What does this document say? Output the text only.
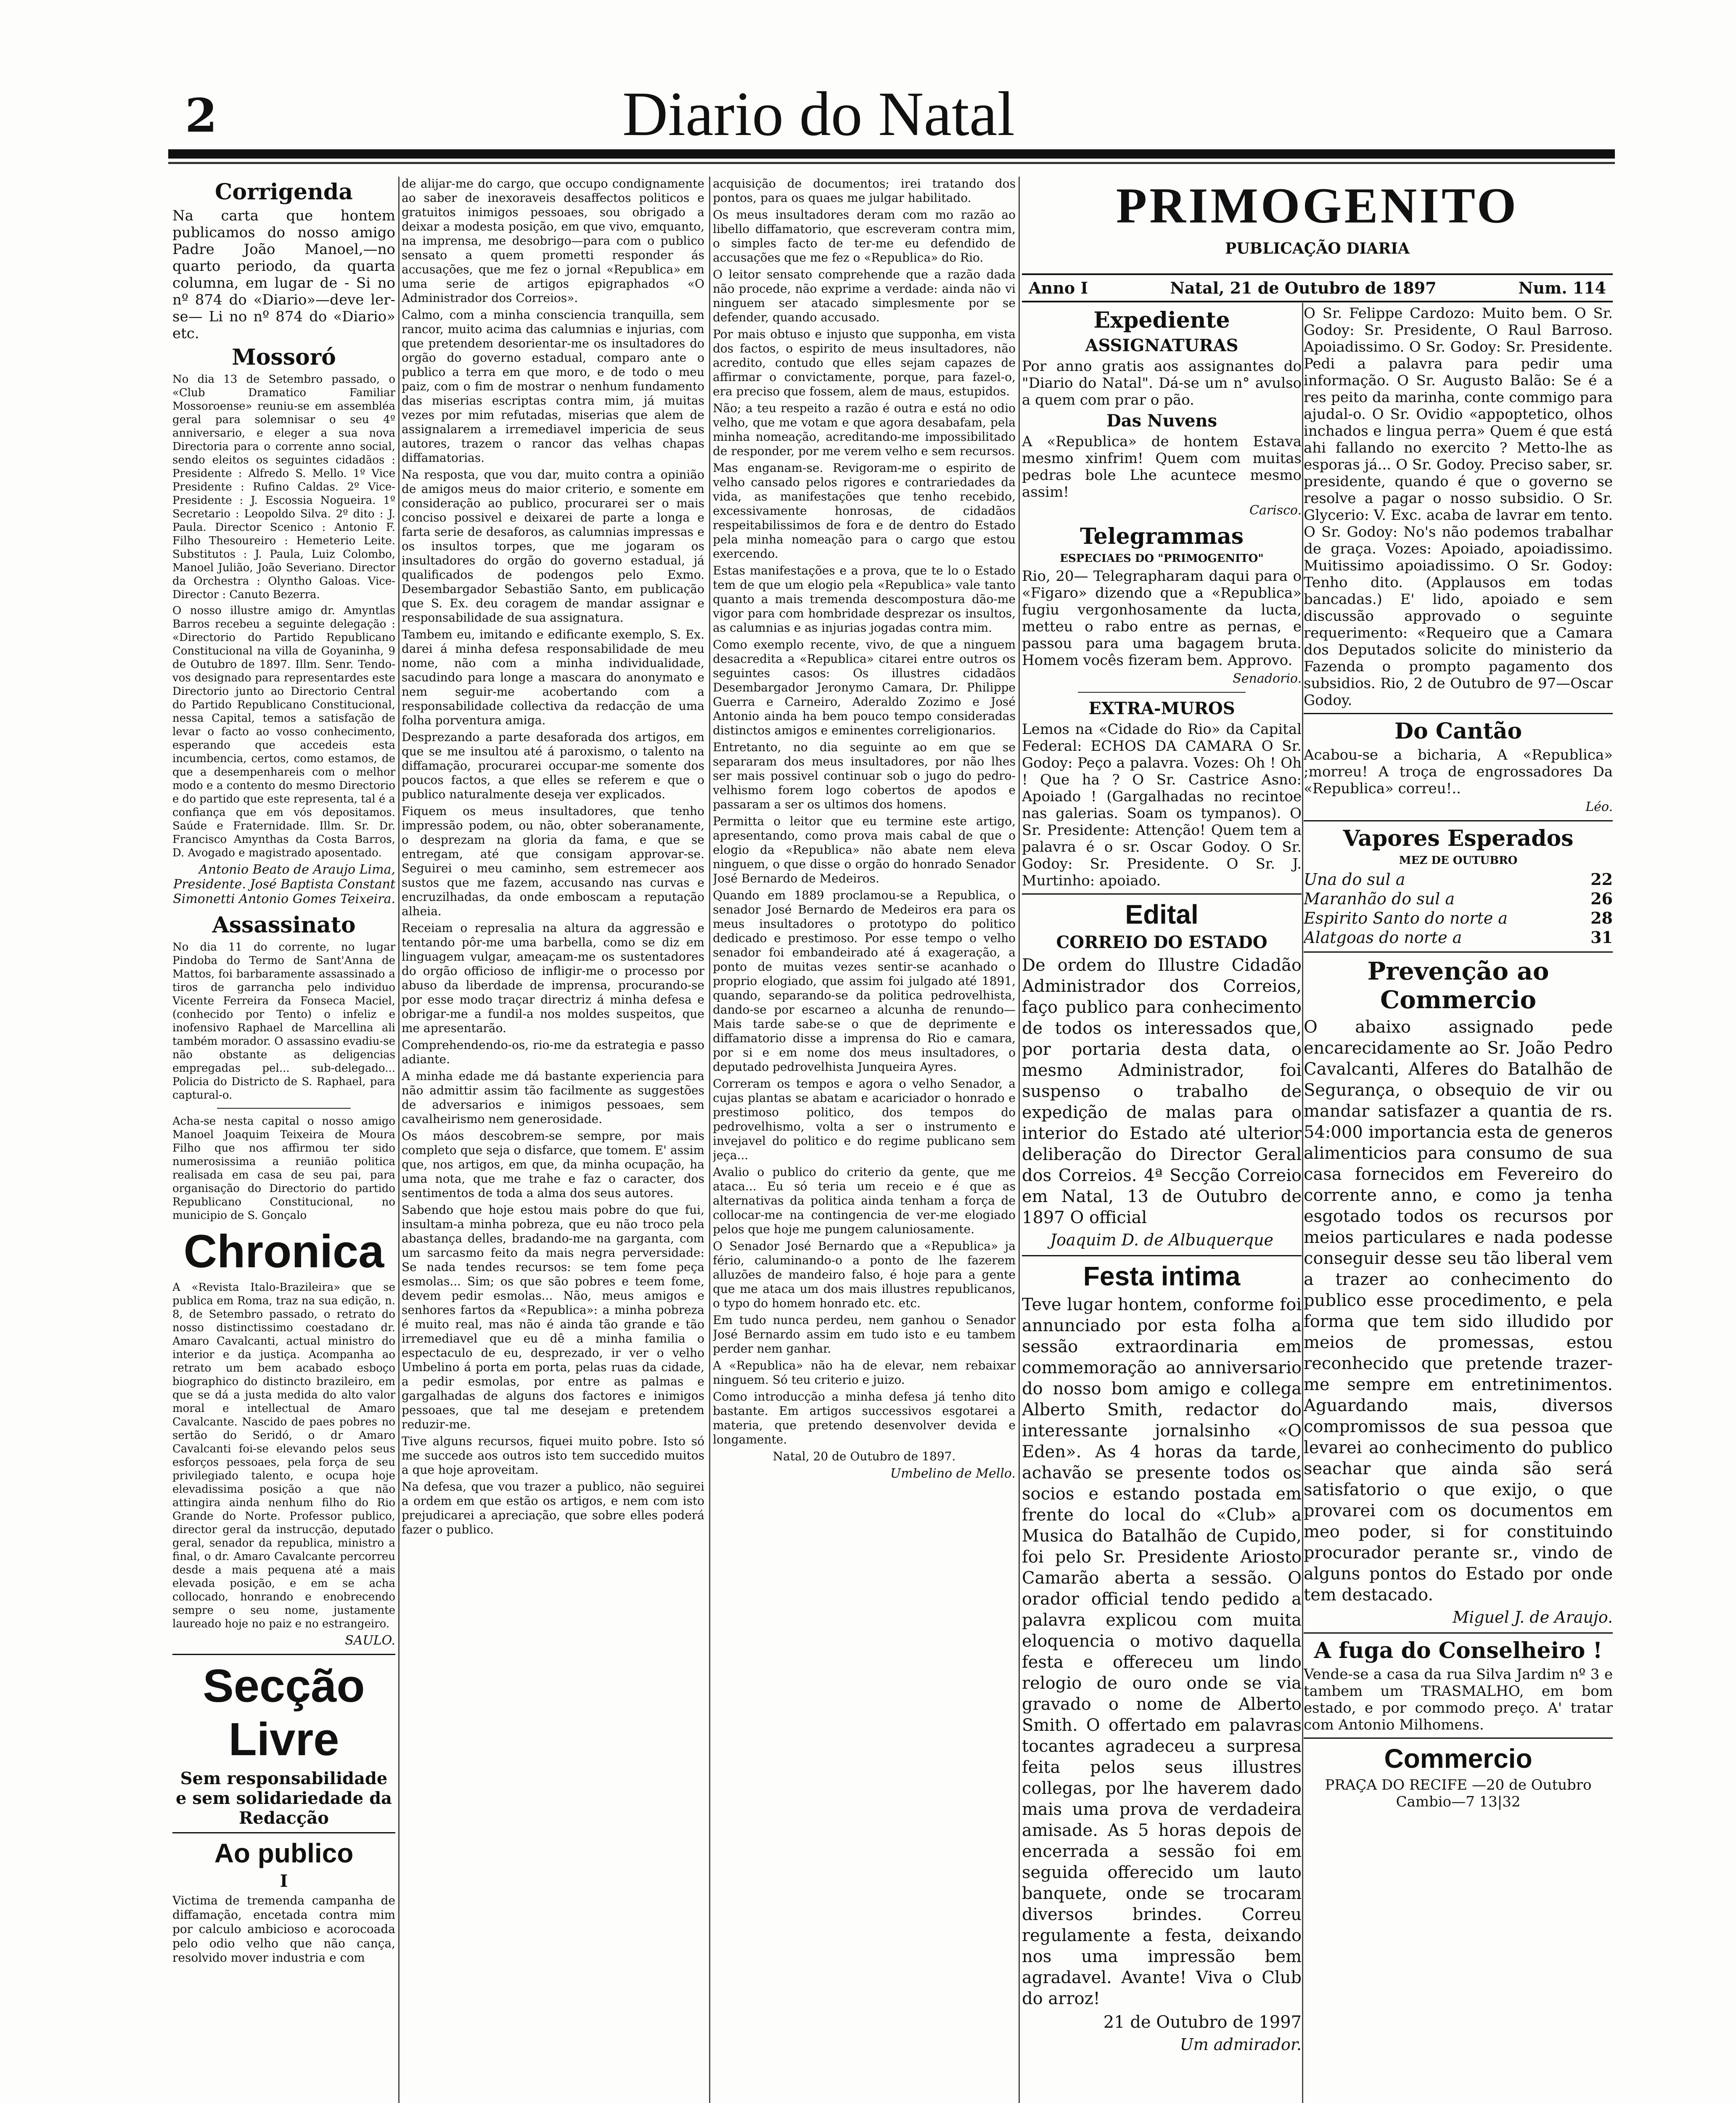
2	Diario do Natal
Corrigenda

Na carta que hontem publicamos do nosso amigo Padre João Manoel,—no quarto periodo, da quarta columna, em lugar de - Si no nº 874 do «Diario»—deve ler-se— Li no nº 874 do «Diario» etc.

Mossoró

No dia 13 de Setembro passado, o «Club Dramatico Familiar Mossoroense» reuniu-se em assembléa geral para solemnisar o seu 4º anniversario, e eleger a sua nova Directoria para o corrente anno social, sendo eleitos os seguintes cidadãos : Presidente : Alfredo S. Mello. 1º Vice Presidente : Rufino Caldas. 2º Vice-Presidente : J. Escossia Nogueira. 1º Secretario : Leopoldo Silva. 2º dito : J. Paula. Director Scenico : Antonio F. Filho Thesoureiro : Hemeterio Leite. Substitutos : J. Paula, Luiz Colombo, Manoel Julião, João Severiano. Director da Orchestra : Olyntho Galoas. Vice-Director : Canuto Bezerra.

O nosso illustre amigo dr. Amyntlas Barros recebeu a seguinte delegação : «Directorio do Partido Republicano Constitucional na villa de Goyaninha, 9 de Outubro de 1897. Illm. Senr. Tendo-vos designado para representardes este Directorio junto ao Directorio Central do Partido Republicano Constitucional, nessa Capital, temos a satisfação de levar o facto ao vosso conhecimento, esperando que accedeis esta incumbencia, certos, como estamos, de que a desempenhareis com o melhor modo e a contento do mesmo Directorio e do partido que este representa, tal é a confiança que em vós depositamos. Saúde e Fraternidade. Illm. Sr. Dr. Francisco Amynthas da Costa Barros, D. Avogado e magistrado aposentado.

Antonio Beato de Araujo Lima, Presidente. José Baptista Constant Simonetti Antonio Gomes Teixeira.

Assassinato

No dia 11 do corrente, no lugar Pindoba do Termo de Sant'Anna de Mattos, foi barbaramente assassinado a tiros de garrancha pelo individuo Vicente Ferreira da Fonseca Maciel, (conhecido por Tento) o infeliz e inofensivo Raphael de Marcellina ali também morador. O assassino evadiu-se não obstante as deligencias empregadas pel... sub-delegado... Policia do Districto de S. Raphael, para captural-o.

Acha-se nesta capital o nosso amigo Manoel Joaquim Teixeira de Moura Filho que nos affirmou ter sido numerosissima a reunião politica realisada em casa de seu pai, para organisação do Directorio do partido Republicano Constitucional, no municipio de S. Gonçalo

Chronica

A «Revista Italo-Brazileira» que se publica em Roma, traz na sua edição, n. 8, de Setembro passado, o retrato do nosso distinctissimo coestadano dr. Amaro Cavalcanti, actual ministro do interior e da justiça. Acompanha ao retrato um bem acabado esboço biographico do distincto brazileiro, em que se dá a justa medida do alto valor moral e intellectual de Amaro Cavalcante. Nascido de paes pobres no sertão do Seridó, o dr Amaro Cavalcanti foi-se elevando pelos seus esforços pessoaes, pela força de seu privilegiado talento, e ocupa hoje elevadissima posição a que não attingira ainda nenhum filho do Rio Grande do Norte. Professor publico, director geral da instrucção, deputado geral, senador da republica, ministro a final, o dr. Amaro Cavalcante percorreu desde a mais pequena até a mais elevada posição, e em se acha collocado, honrando e enobrecendo sempre o seu nome, justamente laureado hoje no paiz e no estrangeiro.

SAULO.

Secção Livre
Sem responsabilidade e sem solidariedade da Redacção
Ao publico
I

Victima de tremenda campanha de diffamação, encetada contra mim por calculo ambicioso e acorocoada pelo odio velho que não cança, resolvido mover industria e com

de alijar-me do cargo, que occupo condignamente ao saber de inexoraveis desaffectos politicos e gratuitos inimigos pessoaes, sou obrigado a deixar a modesta posição, em que vivo, emquanto, na imprensa, me desobrigo—para com o publico sensato a quem prometti responder ás accusações, que me fez o jornal «Republica» em uma serie de artigos epigraphados «O Administrador dos Correios».

Calmo, com a minha consciencia tranquilla, sem rancor, muito acima das calumnias e injurias, com que pretendem desorientar-me os insultadores do orgão do governo estadual, comparo ante o publico a terra em que moro, e de todo o meu paiz, com o fim de mostrar o nenhum fundamento das miserias escriptas contra mim, já muitas vezes por mim refutadas, miserias que alem de assignalarem a irremediavel impericia de seus autores, trazem o rancor das velhas chapas diffamatorias.

Na resposta, que vou dar, muito contra a opinião de amigos meus do maior criterio, e somente em consideração ao publico, procurarei ser o mais conciso possivel e deixarei de parte a longa e farta serie de desaforos, as calumnias impressas e os insultos torpes, que me jogaram os insultadores do orgão do governo estadual, já qualificados de podengos pelo Exmo. Desembargador Sebastião Santo, em publicação que S. Ex. deu coragem de mandar assignar e responsabilidade de sua assignatura.

Tambem eu, imitando e edificante exemplo, S. Ex. darei á minha defesa responsabilidade de meu nome, não com a minha individualidade, sacudindo para longe a mascara do anonymato e nem seguir-me acobertando com a responsabilidade collectiva da redacção de uma folha porventura amiga.

Desprezando a parte desaforada dos artigos, em que se me insultou até á paroxismo, o talento na diffamação, procurarei occupar-me somente dos poucos factos, a que elles se referem e que o publico naturalmente deseja ver explicados.

Fiquem os meus insultadores, que tenho impressão podem, ou não, obter soberanamente, o desprezam na gloria da fama, e que se entregam, até que consigam approvar-se. Seguirei o meu caminho, sem estremecer aos sustos que me fazem, accusando nas curvas e encruzilhadas, da onde emboscam a reputação alheia.

Receiam o represalia na altura da aggressão e tentando pôr-me uma barbella, como se diz em linguagem vulgar, ameaçam-me os sustentadores do orgão officioso de infligir-me o processo por abuso da liberdade de imprensa, procurando-se por esse modo traçar directriz á minha defesa e obrigar-me a fundil-a nos moldes suspeitos, que me apresentarão.

Comprehendendo-os, rio-me da estrategia e passo adiante.

A minha edade me dá bastante experiencia para não admittir assim tão facilmente as suggestões de adversarios e inimigos pessoaes, sem cavalheirismo nem generosidade.

Os máos descobrem-se sempre, por mais completo que seja o disfarce, que tomem. E' assim que, nos artigos, em que, da minha ocupação, ha uma nota, que me trahe e faz o caracter, dos sentimentos de toda a alma dos seus autores.

Sabendo que hoje estou mais pobre do que fui, insultam-a minha pobreza, que eu não troco pela abastança delles, bradando-me na garganta, com um sarcasmo feito da mais negra perversidade: Se nada tendes recursos: se tem fome peça esmolas... Sim; os que são pobres e teem fome, devem pedir esmolas... Não, meus amigos e senhores fartos da «Republica»: a minha pobreza é muito real, mas não é ainda tão grande e tão irremediavel que eu dê a minha familia o espectaculo de eu, desprezado, ir ver o velho Umbelino á porta em porta, pelas ruas da cidade, a pedir esmolas, por entre as palmas e gargalhadas de alguns dos factores e inimigos pessoaes, que tal me desejam e pretendem reduzir-me.

Tive alguns recursos, fiquei muito pobre. Isto só me succede aos outros isto tem succedido muitos a que hoje aproveitam.

Na defesa, que vou trazer a publico, não seguirei a ordem em que estão os artigos, e nem com isto prejudicarei a apreciação, que sobre elles poderá fazer o publico.

acquisição de documentos; irei tratando dos pontos, para os quaes me julgar habilitado.

Os meus insultadores deram com mo razão ao libello diffamatorio, que escreveram contra mim, o simples facto de ter-me eu defendido de accusações que me fez o «Republica» do Rio.

O leitor sensato comprehende que a razão dada não procede, não exprime a verdade: ainda não vi ninguem ser atacado simplesmente por se defender, quando accusado.

Por mais obtuso e injusto que supponha, em vista dos factos, o espirito de meus insultadores, não acredito, contudo que elles sejam capazes de affirmar o convictamente, porque, para fazel-o, era preciso que fossem, alem de maus, estupidos.

Não; a teu respeito a razão é outra e está no odio velho, que me votam e que agora desabafam, pela minha nomeação, acreditando-me impossibilitado de responder, por me verem velho e sem recursos.

Mas enganam-se. Revigoram-me o espirito de velho cansado pelos rigores e contrariedades da vida, as manifestações que tenho recebido, excessivamente honrosas, de cidadãos respeitabilissimos de fora e de dentro do Estado pela minha nomeação para o cargo que estou exercendo.

Estas manifestações e a prova, que te lo o Estado tem de que um elogio pela «Republica» vale tanto quanto a mais tremenda descompostura dão-me vigor para com hombridade desprezar os insultos, as calumnias e as injurias jogadas contra mim.

Como exemplo recente, vivo, de que a ninguem desacredita a «Republica» citarei entre outros os seguintes casos: Os illustres cidadãos Desembargador Jeronymo Camara, Dr. Philippe Guerra e Carneiro, Aderaldo Zozimo e José Antonio ainda ha bem pouco tempo consideradas distinctos amigos e eminentes correligionarios.

Entretanto, no dia seguinte ao em que se separaram dos meus insultadores, por não lhes ser mais possivel continuar sob o jugo do pedro-velhismo forem logo cobertos de apodos e passaram a ser os ultimos dos homens.

Permitta o leitor que eu termine este artigo, apresentando, como prova mais cabal de que o elogio da «Republica» não abate nem eleva ninguem, o que disse o orgão do honrado Senador José Bernardo de Medeiros.

Quando em 1889 proclamou-se a Republica, o senador José Bernardo de Medeiros era para os meus insultadores o prototypo do politico dedicado e prestimoso. Por esse tempo o velho senador foi embandeirado até á exageração, a ponto de muitas vezes sentir-se acanhado o proprio elogiado, que assim foi julgado até 1891, quando, separando-se da politica pedrovelhista, dando-se por escarneo a alcunha de renundo—Mais tarde sabe-se o que de deprimente e diffamatorio disse a imprensa do Rio e camara, por si e em nome dos meus insultadores, o deputado pedrovelhista Junqueira Ayres.

Correram os tempos e agora o velho Senador, a cujas plantas se abatam e acariciador o honrado e prestimoso politico, dos tempos do pedrovelhismo, volta a ser o instrumento e invejavel do politico e do regime publicano sem jeça...

Avalio o publico do criterio da gente, que me ataca... Eu só teria um receio e é que as alternativas da politica ainda tenham a força de collocar-me na contingencia de ver-me elogiado pelos que hoje me pungem caluniosamente.

O Senador José Bernardo que a «Republica» ja fério, caluminando-o a ponto de lhe fazerem alluzões de mandeiro falso, é hoje para a gente que me ataca um dos mais illustres republicanos, o typo do homem honrado etc. etc.

Em tudo nunca perdeu, nem ganhou o Senador José Bernardo assim em tudo isto e eu tambem perder nem ganhar.

A «Republica» não ha de elevar, nem rebaixar ninguem. Só teu criterio e juizo.

Como introducção a minha defesa já tenho dito bastante. Em artigos successivos esgotarei a materia, que pretendo desenvolver devida e longamente.

Natal, 20 de Outubro de 1897.

Umbelino de Mello.

PRIMOGENITO
PUBLICAÇÃO DIARIA
Anno I	Natal, 21 de Outubro de 1897	Num. 114
Expediente
ASSIGNATURAS

Por anno gratis aos assignantes do "Diario do Natal". Dá-se um n° avulso a quem com prar o pão.

Das Nuvens

A «Republica» de hontem Estava mesmo xinfrim! Quem com muitas pedras bole Lhe acuntece mesmo assim!

Carisco.

Telegrammas
ESPECIAES DO "PRIMOGENITO"

Rio, 20— Telegrapharam daqui para o «Figaro» dizendo que a «Republica» fugiu vergonhosamente da lucta, metteu o rabo entre as pernas, e passou para uma bagagem bruta. Homem vocês fizeram bem. Approvo.

Senadorio.

EXTRA-MUROS

Lemos na «Cidade do Rio» da Capital Federal: ECHOS DA CAMARA O Sr. Godoy: Peço a palavra. Vozes: Oh ! Oh ! Que ha ? O Sr. Castrice Asno: Apoiado ! (Gargalhadas no recintoe nas galerias. Soam os tympanos). O Sr. Presidente: Attenção! Quem tem a palavra é o sr. Oscar Godoy. O Sr. Godoy: Sr. Presidente. O Sr. J. Murtinho: apoiado.

Edital
CORREIO DO ESTADO

De ordem do Illustre Cidadão Administrador dos Correios, faço publico para conhecimento de todos os interessados que, por portaria desta data, o mesmo Administrador, foi suspenso o trabalho de expedição de malas para o interior do Estado até ulterior deliberação do Director Geral dos Correios. 4ª Secção Correio em Natal, 13 de Outubro de 1897 O official

Joaquim D. de Albuquerque

Festa intima

Teve lugar hontem, conforme foi annunciado por esta folha a sessão extraordinaria em commemoração ao anniversario do nosso bom amigo e collega Alberto Smith, redactor do interessante jornalsinho «O Eden». As 4 horas da tarde, achavão se presente todos os socios e estando postada em frente do local do «Club» a Musica do Batalhão de Cupido, foi pelo Sr. Presidente Ariosto Camarão aberta a sessão. O orador official tendo pedido a palavra explicou com muita eloquencia o motivo daquella festa e offereceu um lindo relogio de ouro onde se via gravado o nome de Alberto Smith. O offertado em palavras tocantes agradeceu a surpresa feita pelos seus illustres collegas, por lhe haverem dado mais uma prova de verdadeira amisade. As 5 horas depois de encerrada a sessão foi em seguida offerecido um lauto banquete, onde se trocaram diversos brindes. Correu regulamente a festa, deixando nos uma impressão bem agradavel. Avante! Viva o Club do arroz!

21 de Outubro de 1997

Um admirador.

O Sr. Felippe Cardozo: Muito bem. O Sr. Godoy: Sr. Presidente, O Raul Barroso. Apoiadissimo. O Sr. Godoy: Sr. Presidente. Pedi a palavra para pedir uma informação. O Sr. Augusto Balão: Se é a res peito da marinha, conte commigo para ajudal-o. O Sr. Ovidio «appoptetico, olhos inchados e lingua perra» Quem é que está ahi fallando no exercito ? Metto-lhe as esporas já... O Sr. Godoy. Preciso saber, sr. presidente, quando é que o governo se resolve a pagar o nosso subsidio. O Sr. Glycerio: V. Exc. acaba de lavrar em tento. O Sr. Godoy: No's não podemos trabalhar de graça. Vozes: Apoiado, apoiadissimo. Muitissimo apoiadissimo. O Sr. Godoy: Tenho dito. (Applausos em todas bancadas.) E' lido, apoiado e sem discussão approvado o seguinte requerimento: «Requeiro que a Camara dos Deputados solicite do ministerio da Fazenda o prompto pagamento dos subsidios. Rio, 2 de Outubro de 97—Oscar Godoy.

Do Cantão

Acabou-se a bicharia, A «Republica» ;morreu! A troça de engrossadores Da «Republica» correu!..

Léo.

Vapores Esperados
MEZ DE OUTUBRO
Una do sul a	22
Maranhão do sul a	26
Espirito Santo do norte a	28
Alatgoas do norte a	31
Prevenção ao Commercio

O abaixo assignado pede encarecidamente ao Sr. João Pedro Cavalcanti, Alferes do Batalhão de Segurança, o obsequio de vir ou mandar satisfazer a quantia de rs. 54:000 importancia esta de generos alimenticios para consumo de sua casa fornecidos em Fevereiro do corrente anno, e como ja tenha esgotado todos os recursos por meios particulares e nada podesse conseguir desse seu tão liberal vem a trazer ao conhecimento do publico esse procedimento, e pela forma que tem sido illudido por meios de promessas, estou reconhecido que pretende trazer-me sempre em entretinimentos. Aguardando mais, diversos compromissos de sua pessoa que levarei ao conhecimento do publico seachar que ainda são será satisfatorio o que exijo, o que provarei com os documentos em meo poder, si for constituindo procurador perante sr., vindo de alguns pontos do Estado por onde tem destacado.

Miguel J. de Araujo.

A fuga do Conselheiro !

Vende-se a casa da rua Silva Jardim nº 3 e tambem um TRASMALHO, em bom estado, e por commodo preço. A' tratar com Antonio Milhomens.

Commercio

PRAÇA DO RECIFE —20 de Outubro Cambio—7 13|32
